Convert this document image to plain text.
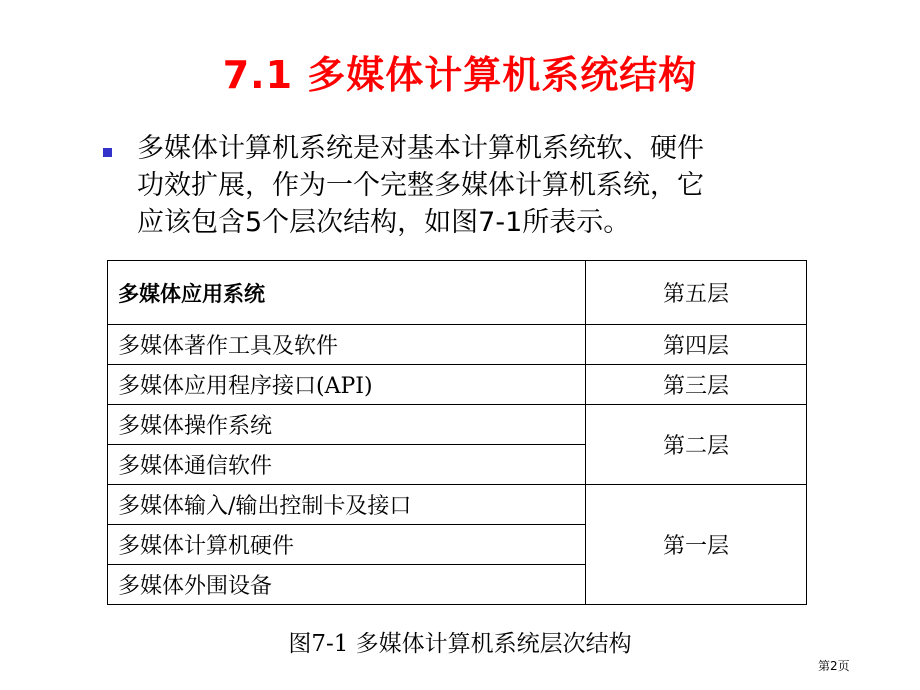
7.1 多媒体计算机系统结构
多媒体计算机系统是对基本计算机系统软、硬件
功效扩展，作为一个完整多媒体计算机系统，它
应该包含5个层次结构，如图7-1所表示。
多媒体应用系统	第五层
多媒体著作工具及软件	第四层
多媒体应用程序接口(API)	第三层
多媒体操作系统	第二层
多媒体通信软件	
多媒体输入/输出控制卡及接口	第一层
多媒体计算机硬件	
多媒体外围设备	
图7-1 多媒体计算机系统层次结构
第2页
